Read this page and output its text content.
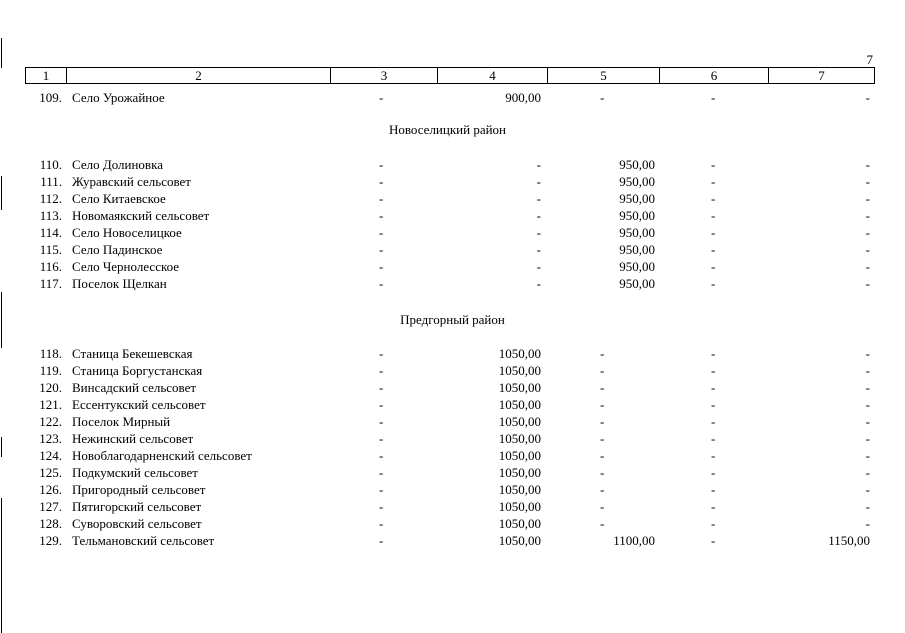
7
1	2	3	4	5	6	7
109. Село Урожайное	-	900,00	-	-	-
Новоселицкий район
110. Село Долиновка	-	-	950,00	-	-
111. Журавский сельсовет	-	-	950,00	-	-
112. Село Китаевское	-	-	950,00	-	-
113. Новомаякский сельсовет	-	-	950,00	-	-
114. Село Новоселицкое	-	-	950,00	-	-
115. Село Падинское	-	-	950,00	-	-
116. Село Чернолесское	-	-	950,00	-	-
117. Поселок Щелкан	-	-	950,00	-	-
Предгорный район
118. Станица Бекешевская	-	1050,00	-	-	-
119. Станица Боргустанская	-	1050,00	-	-	-
120. Винсадский сельсовет	-	1050,00	-	-	-
121. Ессентукский сельсовет	-	1050,00	-	-	-
122. Поселок Мирный	-	1050,00	-	-	-
123. Нежинский сельсовет	-	1050,00	-	-	-
124. Новоблагодарненский сельсовет	-	1050,00	-	-	-
125. Подкумский сельсовет	-	1050,00	-	-	-
126. Пригородный сельсовет	-	1050,00	-	-	-
127. Пятигорский сельсовет	-	1050,00	-	-	-
128. Суворовский сельсовет	-	1050,00	-	-	-
129. Тельмановский сельсовет	-	1050,00	1100,00	-	1150,00
